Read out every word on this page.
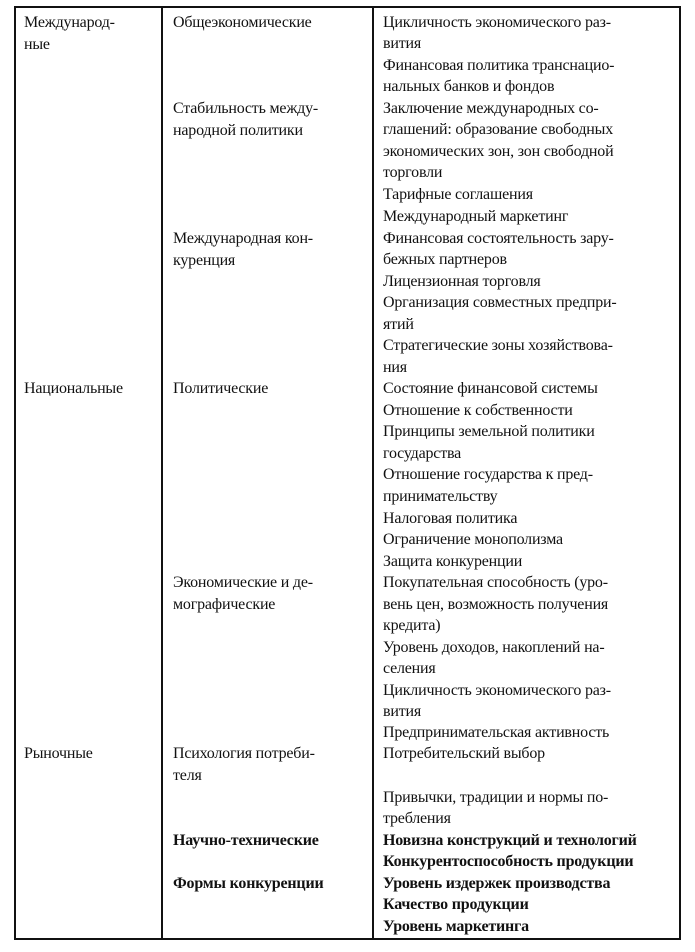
Международ-
ные
Национальные
Рыночные
Общеэкономические
Стабильность между-
народной политики
Международная кон-
куренция
Политические
Экономические и де-
мографические
Психология потреби-
теля
Научно-технические
Формы конкуренции
Цикличность экономического раз-
вития
Финансовая политика транснацио-
нальных банков и фондов
Заключение международных со-
глашений: образование свободных
экономических зон, зон свободной
торговли
Тарифные соглашения
Международный маркетинг
Финансовая состоятельность зару-
бежных партнеров
Лицензионная торговля
Организация совместных предпри-
ятий
Стратегические зоны хозяйствова-
ния
Состояние финансовой системы
Отношение к собственности
Принципы земельной политики
государства
Отношение государства к пред-
принимательству
Налоговая политика
Ограничение монополизма
Защита конкуренции
Покупательная способность (уро-
вень цен, возможность получения
кредита)
Уровень доходов, накоплений на-
селения
Цикличность экономического раз-
вития
Предпринимательская активность
Потребительский выбор
Привычки, традиции и нормы по-
требления
Новизна конструкций и технологий
Конкурентоспособность продукции
Уровень издержек производства
Качество продукции
Уровень маркетинга
